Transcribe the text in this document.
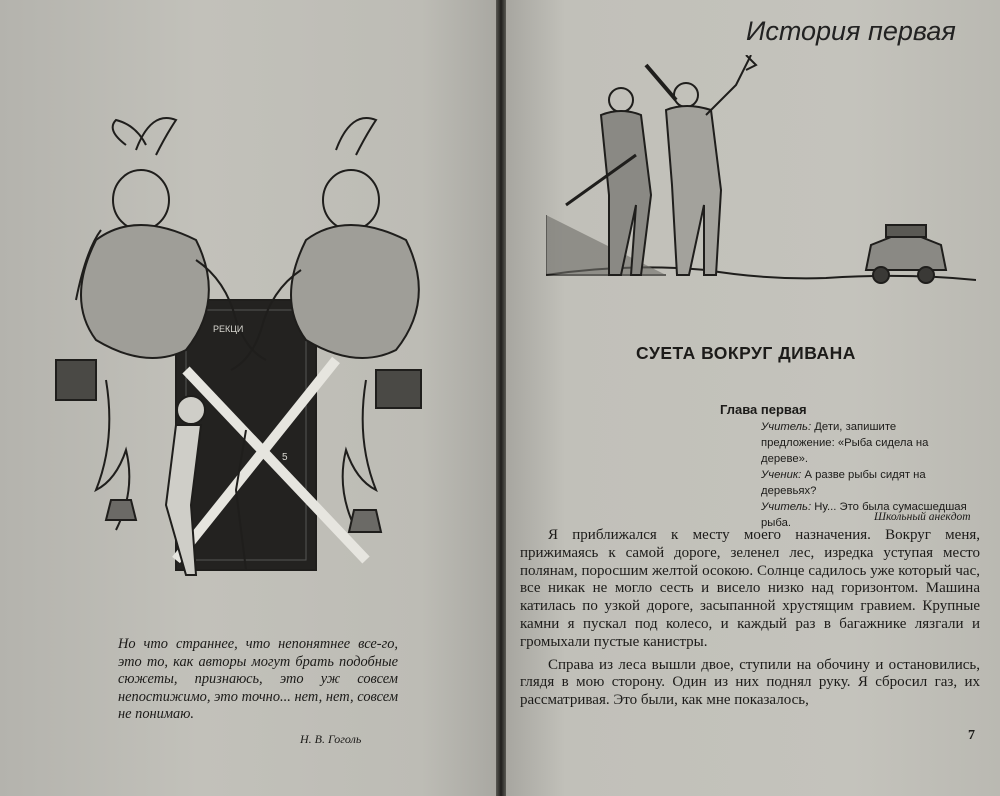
РЕКЦИ
5

Но что страннее, что непонятнее все-го, это то, как авторы могут брать подобные сюжеты, признаюсь, это уж совсем непостижимо, это точно... нет, нет, совсем не понимаю.

Н. В. Гоголь
История первая
СУЕТА ВОКРУГ ДИВАНА
Глава первая

Учитель: Дети, запишите предложение: «Рыба сидела на дереве».

Ученик: А разве рыбы сидят на деревьях?

Учитель: Ну... Это была сумасшедшая рыба.	Школьный анекдот

Я приближался к месту моего назначения. Вокруг меня, прижимаясь к самой дороге, зеленел лес, изредка уступая место полянам, поросшим желтой осокою. Солнце садилось уже который час, все никак не могло сесть и висело низко над горизонтом. Машина катилась по узкой дороге, засыпанной хрустящим гравием. Крупные камни я пускал под колесо, и каждый раз в багажнике лязгали и громыхали пустые канистры.

Справа из леса вышли двое, ступили на обочину и остановились, глядя в мою сторону. Один из них поднял руку. Я сбросил газ, их рассматривая. Это были, как мне показалось,

7
